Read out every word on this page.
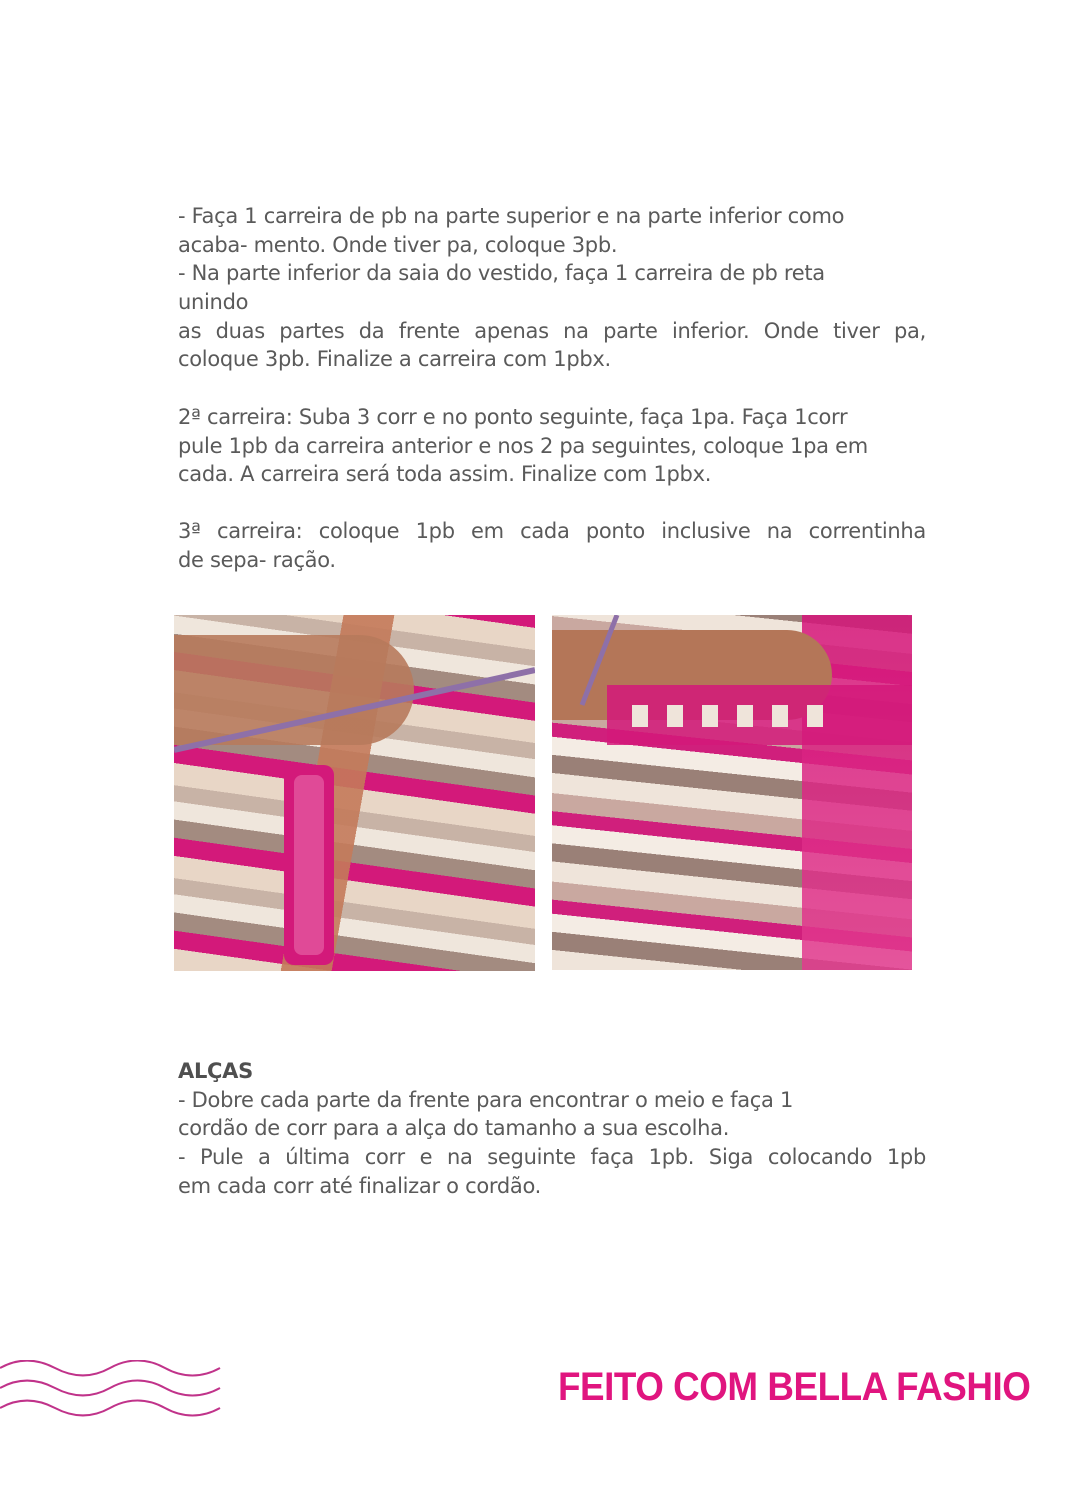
- Faça 1 carreira de pb na parte superior e na parte inferior como
acaba- mento. Onde tiver pa, coloque 3pb.
- Na parte inferior da saia do vestido, faça 1 carreira de pb reta
unindo
as duas partes da frente apenas na parte inferior. Onde tiver pa,
coloque 3pb. Finalize a carreira com 1pbx.
2ª carreira: Suba 3 corr e no ponto seguinte, faça 1pa. Faça 1corr
pule 1pb da carreira anterior e nos 2 pa seguintes, coloque 1pa em
cada. A carreira será toda assim. Finalize com 1pbx.
3ª carreira: coloque 1pb em cada ponto inclusive na correntinha
de sepa- ração.
ALÇAS
- Dobre cada parte da frente para encontrar o meio e faça 1
cordão de corr para a alça do tamanho a sua escolha.
- Pule a última corr e na seguinte faça 1pb. Siga colocando 1pb
em cada corr até finalizar o cordão.
FEITO COM BELLA FASHIO
